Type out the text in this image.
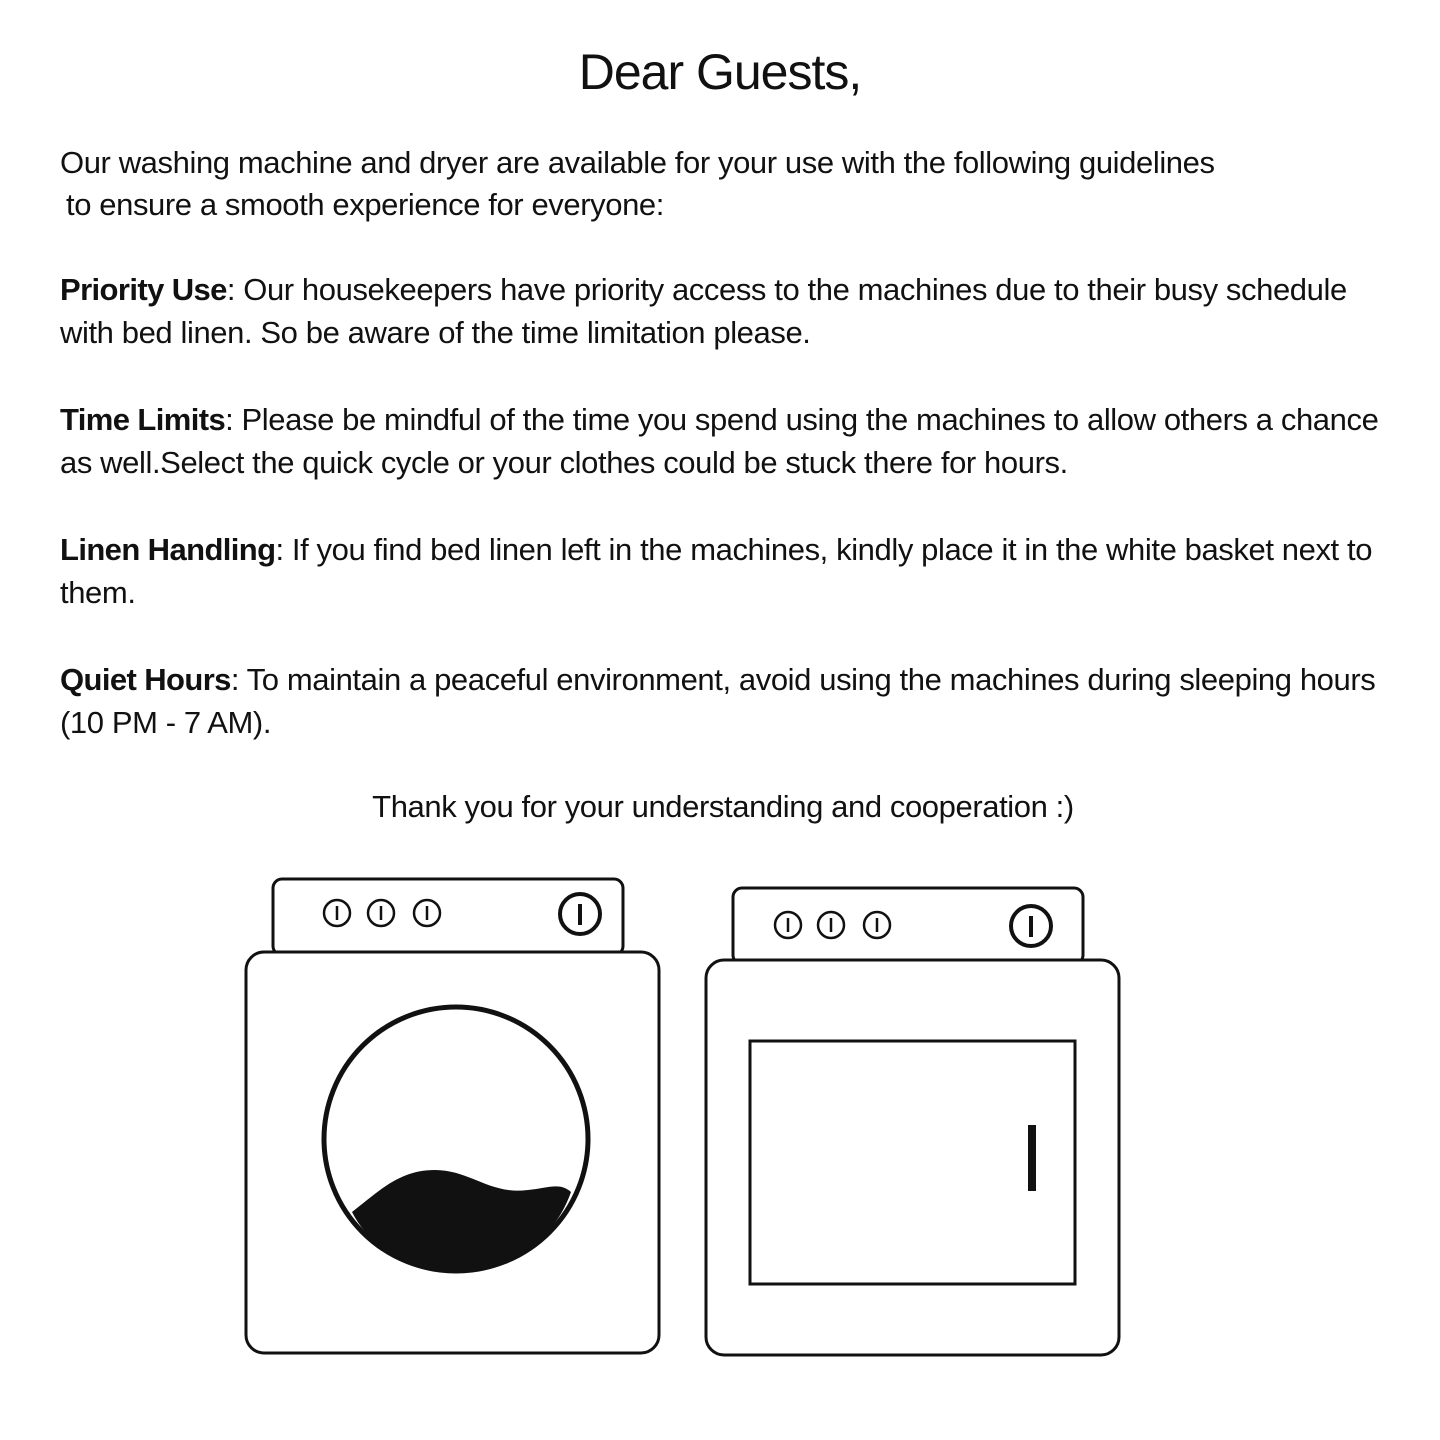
Dear Guests,
Our washing machine and dryer are available for your use with the following guidelines
to ensure a smooth experience for everyone:
Priority Use: Our housekeepers have priority access to the machines due to their busy schedule with bed linen. So be aware of the time limitation please.
Time Limits: Please be mindful of the time you spend using the machines to allow others a chance as well.Select the quick cycle or your clothes could be stuck there for hours.
Linen Handling: If you find bed linen left in the machines, kindly place it in the white basket next to them.
Quiet Hours: To maintain a peaceful environment, avoid using the machines during sleeping hours (10 PM - 7 AM).
Thank you for your understanding and cooperation :)
